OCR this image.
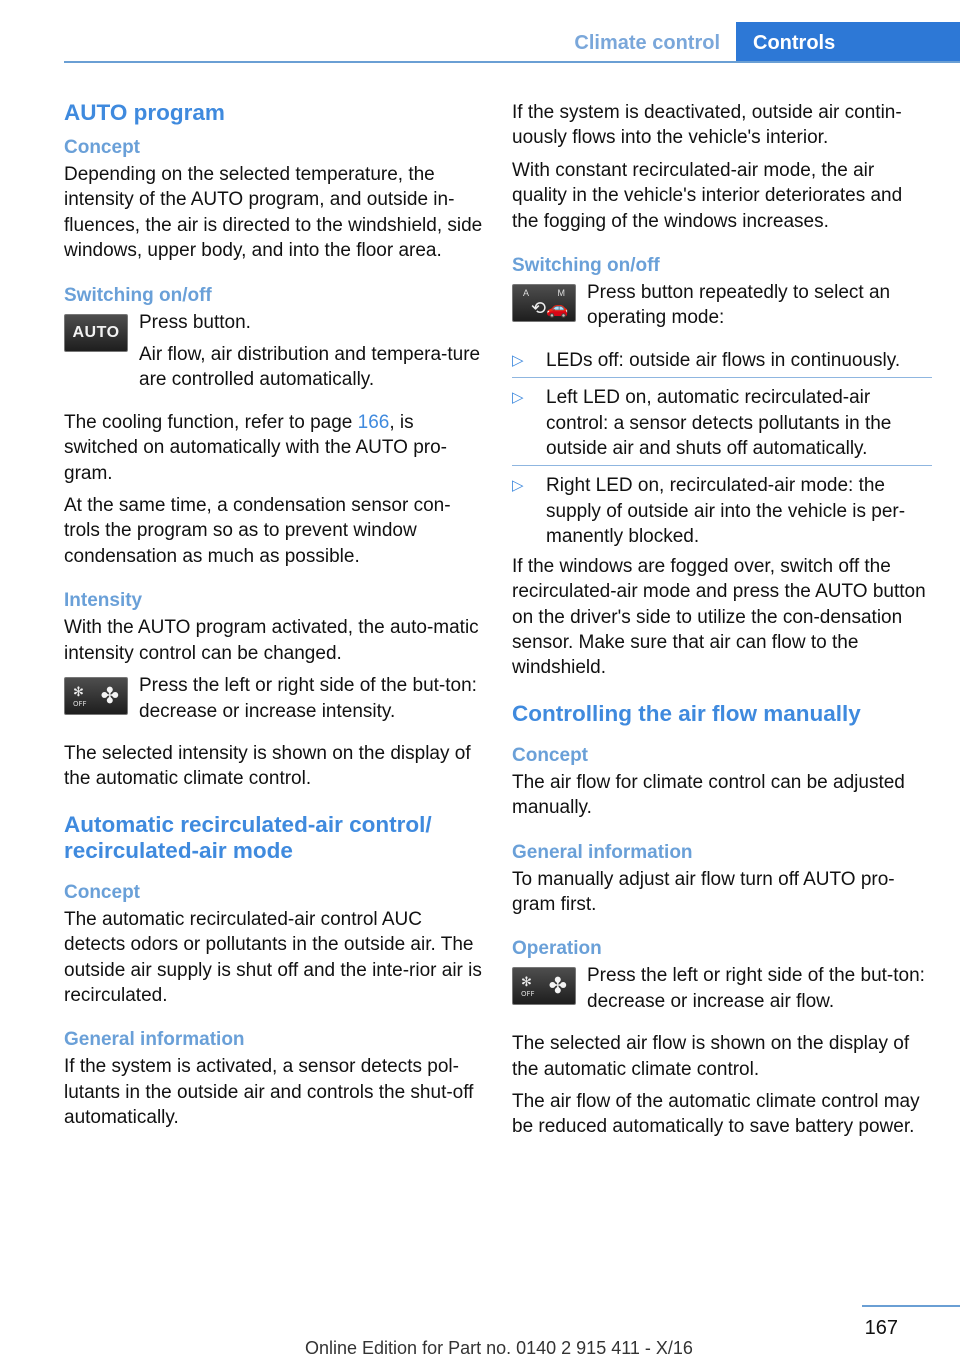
Climate control	Controls
AUTO program
Concept

Depending on the selected temperature, the intensity of the AUTO program, and outside in-fluences, the air is directed to the windshield, side windows, upper body, and into the floor area.

Switching on/off
AUTO	Press button.

Air flow, air distribution and tempera-ture are controlled automatically.

The cooling function, refer to page 166, is switched on automatically with the AUTO pro-gram.

At the same time, a condensation sensor con-trols the program so as to prevent window condensation as much as possible.

Intensity

With the AUTO program activated, the auto-matic intensity control can be changed.

✻
OFF ✤	Press the left or right side of the but-ton: decrease or increase intensity.

The selected intensity is shown on the display of the automatic climate control.

Automatic recirculated-air control/ recirculated-air mode
Concept

The automatic recirculated-air control AUC detects odors or pollutants in the outside air. The outside air supply is shut off and the inte-rior air is recirculated.

General information

If the system is activated, a sensor detects pol-lutants in the outside air and controls the shut-off automatically.

If the system is deactivated, outside air contin-uously flows into the vehicle's interior.

With constant recirculated-air mode, the air quality in the vehicle's interior deteriorates and the fogging of the windows increases.

Switching on/off
A	M
⟲🚗

Press button repeatedly to select an operating mode:

▷ LEDs off: outside air flows in continuously.
▷ Left LED on, automatic recirculated-air control: a sensor detects pollutants in the outside air and shuts off automatically.
▷ Right LED on, recirculated-air mode: the supply of outside air into the vehicle is per-manently blocked.

If the windows are fogged over, switch off the recirculated-air mode and press the AUTO button on the driver's side to utilize the con-densation sensor. Make sure that air can flow to the windshield.

Controlling the air flow manually
Concept

The air flow for climate control can be adjusted manually.

General information

To manually adjust air flow turn off AUTO pro-gram first.

Operation
✻
OFF ✤	Press the left or right side of the but-ton: decrease or increase air flow.

The selected air flow is shown on the display of the automatic climate control.

The air flow of the automatic climate control may be reduced automatically to save battery power.

167
Online Edition for Part no. 0140 2 915 411 - X/16
